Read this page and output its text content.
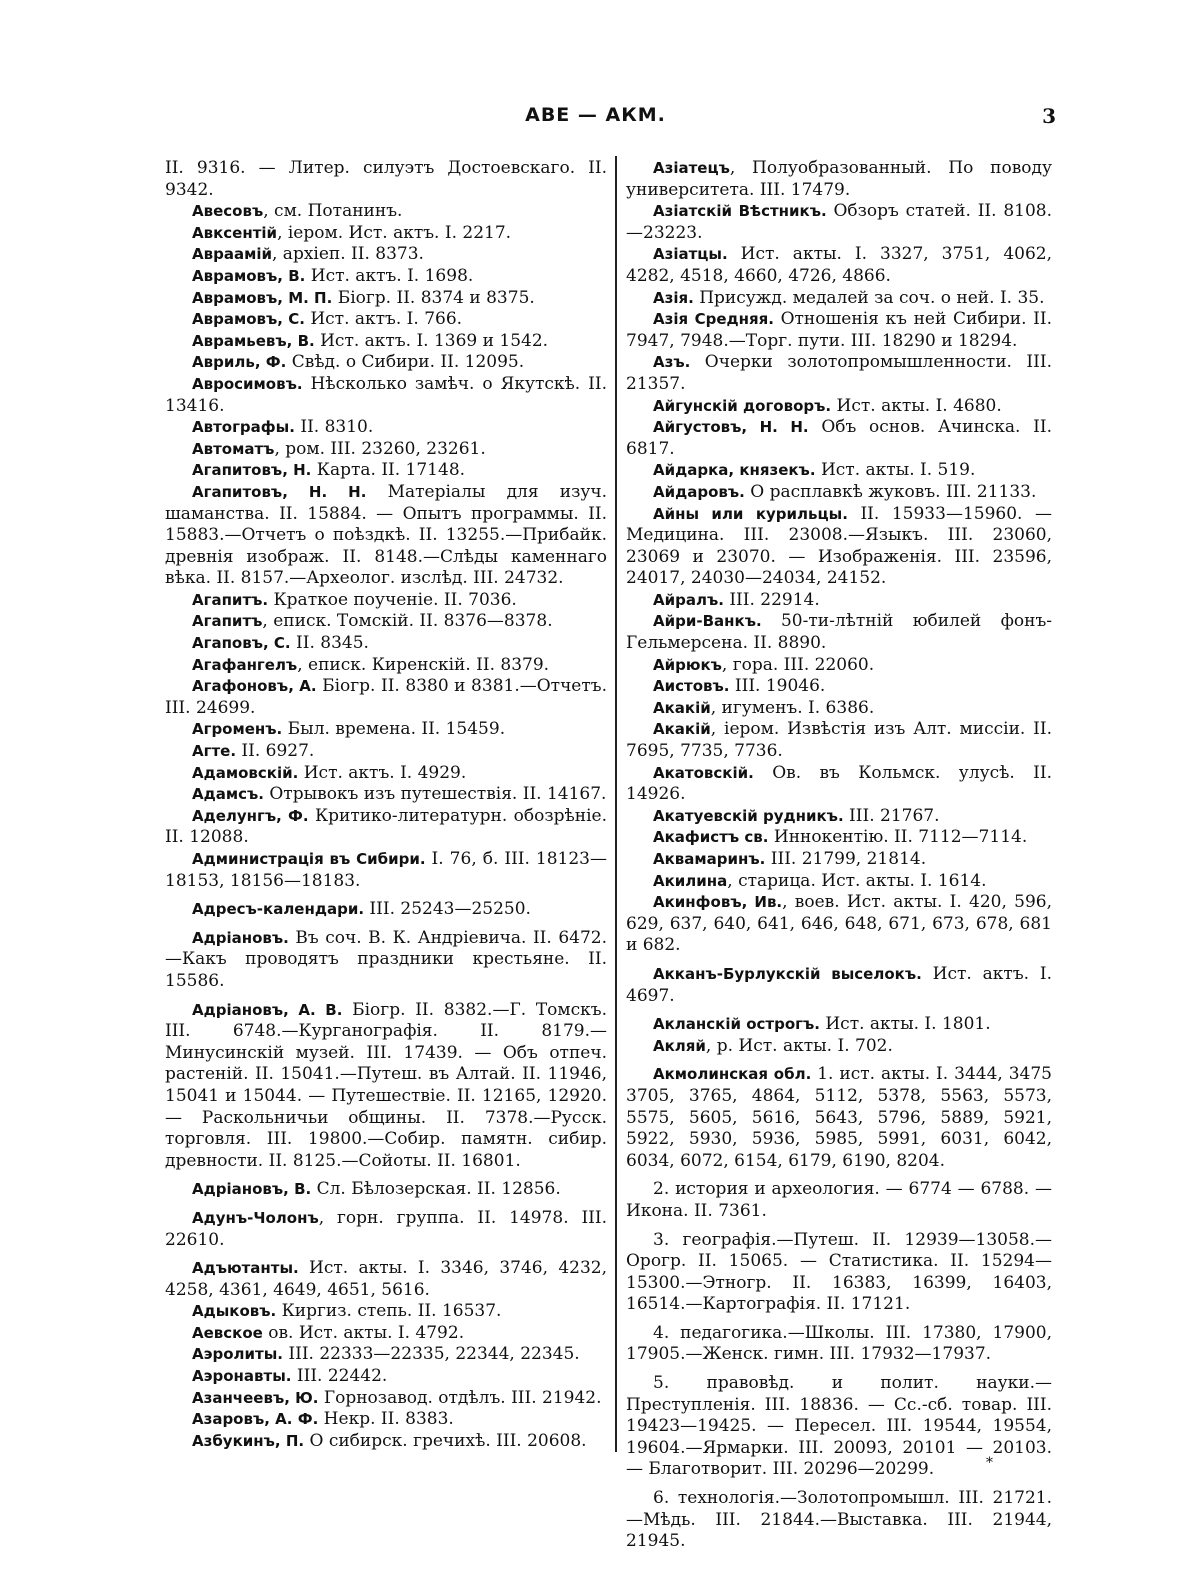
АВЕ — АКМ.	3

II. 9316. — Литер. силуэтъ Достоевскаго. II. 9342.

Авесовъ, см. Потанинъ.

Авксентій, iером. Ист. актъ. I. 2217.

Авраамій, архіеп. II. 8373.

Аврамовъ, В. Ист. актъ. I. 1698.

Аврамовъ, М. П. Біогр. II. 8374 и 8375.

Аврамовъ, С. Ист. актъ. I. 766.

Аврамьевъ, В. Ист. актъ. I. 1369 и 1542.

Авриль, Ф. Свѣд. о Сибири. II. 12095.

Авросимовъ. Нѣсколько замѣч. о Якутскѣ. II. 13416.

Автографы. II. 8310.

Автоматъ, ром. III. 23260, 23261.

Агапитовъ, Н. Карта. II. 17148.

Агапитовъ, Н. Н. Матеріалы для изуч. шаманства. II. 15884. — Опытъ программы. II. 15883.—Отчетъ о поѣздкѣ. II. 13255.—Прибайк. древнія изображ. II. 8148.—Слѣды каменнаго вѣка. II. 8157.—Археолог. изслѣд. III. 24732.

Агапитъ. Краткое поученіе. II. 7036.

Агапитъ, еписк. Томскій. II. 8376—8378.

Агаповъ, С. II. 8345.

Агафангелъ, еписк. Киренскій. II. 8379.

Агафоновъ, А. Біогр. II. 8380 и 8381.—Отчетъ. III. 24699.

Агроменъ. Был. времена. II. 15459.

Агте. II. 6927.

Адамовскій. Ист. актъ. I. 4929.

Адамсъ. Отрывокъ изъ путешествія. II. 14167.

Аделунгъ, Ф. Критико-литературн. обозрѣніе. II. 12088.

Администрація въ Сибири. I. 76, б. III. 18123—18153, 18156—18183.

Адресъ-календари. III. 25243—25250.

Адріановъ. Въ соч. В. К. Андріевича. II. 6472.—Какъ проводятъ праздники крестьяне. II. 15586.

Адріановъ, А. В. Біогр. II. 8382.—Г. Томскъ. III. 6748.—Курганографія. II. 8179.—Минусинскій музей. III. 17439. — Объ отпеч. растеній. II. 15041.—Путеш. въ Алтай. II. 11946, 15041 и 15044. — Путешествіе. II. 12165, 12920. — Раскольничьи общины. II. 7378.—Русск. торговля. III. 19800.—Собир. памятн. сибир. древности. II. 8125.—Сойоты. II. 16801.

Адріановъ, В. Сл. Бѣлозерская. II. 12856.

Адунъ-Чолонъ, горн. группа. II. 14978. III. 22610.

Адъютанты. Ист. акты. I. 3346, 3746, 4232, 4258, 4361, 4649, 4651, 5616.

Адыковъ. Киргиз. степь. II. 16537.

Аевское ов. Ист. акты. I. 4792.

Аэролиты. III. 22333—22335, 22344, 22345.

Аэронавты. III. 22442.

Азанчеевъ, Ю. Горнозавод. отдѣлъ. III. 21942.

Азаровъ, А. Ф. Некр. II. 8383.

Азбукинъ, П. О сибирск. гречихѣ. III. 20608.

Азіатецъ, Полуобразованный. По поводу университета. III. 17479.

Азіатскій Вѣстникъ. Обзоръ статей. II. 8108.—23223.

Азіатцы. Ист. акты. I. 3327, 3751, 4062, 4282, 4518, 4660, 4726, 4866.

Азія. Присужд. медалей за соч. о ней. I. 35.

Азія Средняя. Отношенія къ ней Сибири. II. 7947, 7948.—Торг. пути. III. 18290 и 18294.

Азъ. Очерки золотопромышленности. III. 21357.

Айгунскій договоръ. Ист. акты. I. 4680.

Айгустовъ, Н. Н. Объ основ. Ачинска. II. 6817.

Айдарка, князекъ. Ист. акты. I. 519.

Айдаровъ. О расплавкѣ жуковъ. III. 21133.

Айны или курильцы. II. 15933—15960. — Медицина. III. 23008.—Языкъ. III. 23060, 23069 и 23070. — Изображенія. III. 23596, 24017, 24030—24034, 24152.

Айралъ. III. 22914.

Айри-Ванкъ. 50-ти-лѣтній юбилей фонъ-Гельмерсена. II. 8890.

Айрюкъ, гора. III. 22060.

Аистовъ. III. 19046.

Акакій, игуменъ. I. 6386.

Акакій, iером. Извѣстія изъ Алт. миссіи. II. 7695, 7735, 7736.

Акатовскій. Ов. въ Кольмск. улусѣ. II. 14926.

Акатуевскій рудникъ. III. 21767.

Акафистъ св. Иннокентію. II. 7112—7114.

Аквамаринъ. III. 21799, 21814.

Акилина, старица. Ист. акты. I. 1614.

Акинфовъ, Ив., воев. Ист. акты. I. 420, 596, 629, 637, 640, 641, 646, 648, 671, 673, 678, 681 и 682.

Акканъ-Бурлукскій выселокъ. Ист. актъ. I. 4697.

Акланскій острогъ. Ист. акты. I. 1801.

Акляй, р. Ист. акты. I. 702.

Акмолинская обл. 1. ист. акты. I. 3444, 3475 3705, 3765, 4864, 5112, 5378, 5563, 5573, 5575, 5605, 5616, 5643, 5796, 5889, 5921, 5922, 5930, 5936, 5985, 5991, 6031, 6042, 6034, 6072, 6154, 6179, 6190, 8204.

2. история и археология. — 6774 — 6788. — Икона. II. 7361.

3. географія.—Путеш. II. 12939—13058.—Орогр. II. 15065. — Статистика. II. 15294—15300.—Этногр. II. 16383, 16399, 16403, 16514.—Картографія. II. 17121.

4. педагогика.—Школы. III. 17380, 17900, 17905.—Женск. гимн. III. 17932—17937.

5. правовѣд. и полит. науки.—Преступленія. III. 18836. — Сс.-сб. товар. III. 19423—19425. — Пересел. III. 19544, 19554, 19604.—Ярмарки. III. 20093, 20101 — 20103. — Благотворит. III. 20296—20299.

6. технологія.—Золотопромышл. III. 21721.—Мѣдь. III. 21844.—Выставка. III. 21944, 21945.

*
